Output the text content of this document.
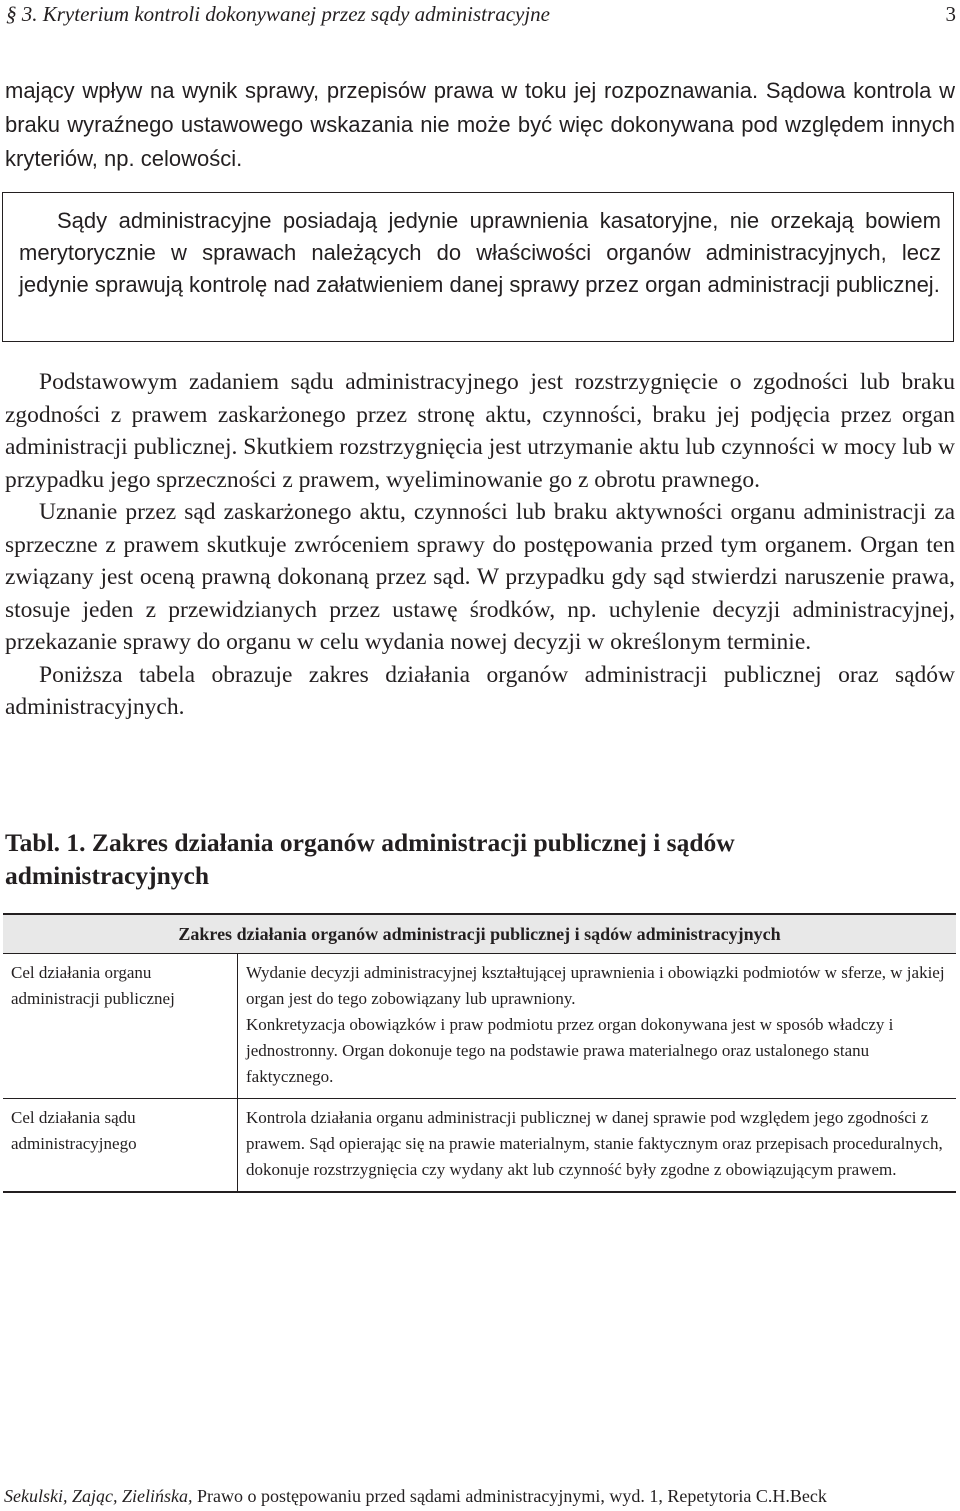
§ 3. Kryterium kontroli dokonywanej przez sądy administracyjne	3
mający wpływ na wynik sprawy, przepisów prawa w toku jej rozpoznawania. Sądowa kontrola w braku wyraźnego ustawowego wskazania nie może być więc dokonywana pod względem innych kryteriów, np. celowości.

Sądy administracyjne posiadają jedynie uprawnienia kasatoryjne, nie orzekają bowiem merytorycznie w sprawach należących do właściwości organów administracyjnych, lecz jedynie sprawują kontrolę nad załatwieniem danej sprawy przez organ administracji publicznej.

Podstawowym zadaniem sądu administracyjnego jest rozstrzygnięcie o zgodności lub braku zgodności z prawem zaskarżonego przez stronę aktu, czynności, braku jej podjęcia przez organ administracji publicznej. Skutkiem rozstrzygnięcia jest utrzymanie aktu lub czynności w mocy lub w przypadku jego sprzeczności z prawem, wyeliminowanie go z obrotu prawnego.

Uznanie przez sąd zaskarżonego aktu, czynności lub braku aktywności organu administracji za sprzeczne z prawem skutkuje zwróceniem sprawy do postępowania przed tym organem. Organ ten związany jest oceną prawną dokonaną przez sąd. W przypadku gdy sąd stwierdzi naruszenie prawa, stosuje jeden z przewidzianych przez ustawę środków, np. uchylenie decyzji administracyjnej, przekazanie sprawy do organu w celu wydania nowej decyzji w określonym terminie.

Poniższa tabela obrazuje zakres działania organów administracji publicznej oraz sądów administracyjnych.

Tabl. 1. Zakres działania organów administracji publicznej i sądów administracyjnych
Zakres działania organów administracji publicznej i sądów administracyjnych	
Cel działania organu administracji publicznej	Wydanie decyzji administracyjnej kształtującej uprawnienia i obowiązki podmiotów w sferze, w jakiej organ jest do tego zobowiązany lub uprawniony.

Konkretyzacja obowiązków i praw podmiotu przez organ dokonywana jest w sposób władczy i jednostronny. Organ dokonuje tego na podstawie prawa materialnego oraz ustalonego stanu faktycznego.

Cel działania sądu administracyjnego	Kontrola działania organu administracji publicznej w danej sprawie pod względem jego zgodności z prawem. Sąd opierając się na prawie materialnym, stanie faktycznym oraz przepisach proceduralnych, dokonuje rozstrzygnięcia czy wydany akt lub czynność były zgodne z obowiązującym prawem.

Sekulski, Zając, Zielińska, Prawo o postępowaniu przed sądami administracyjnymi, wyd. 1, Repetytoria C.H.Beck
